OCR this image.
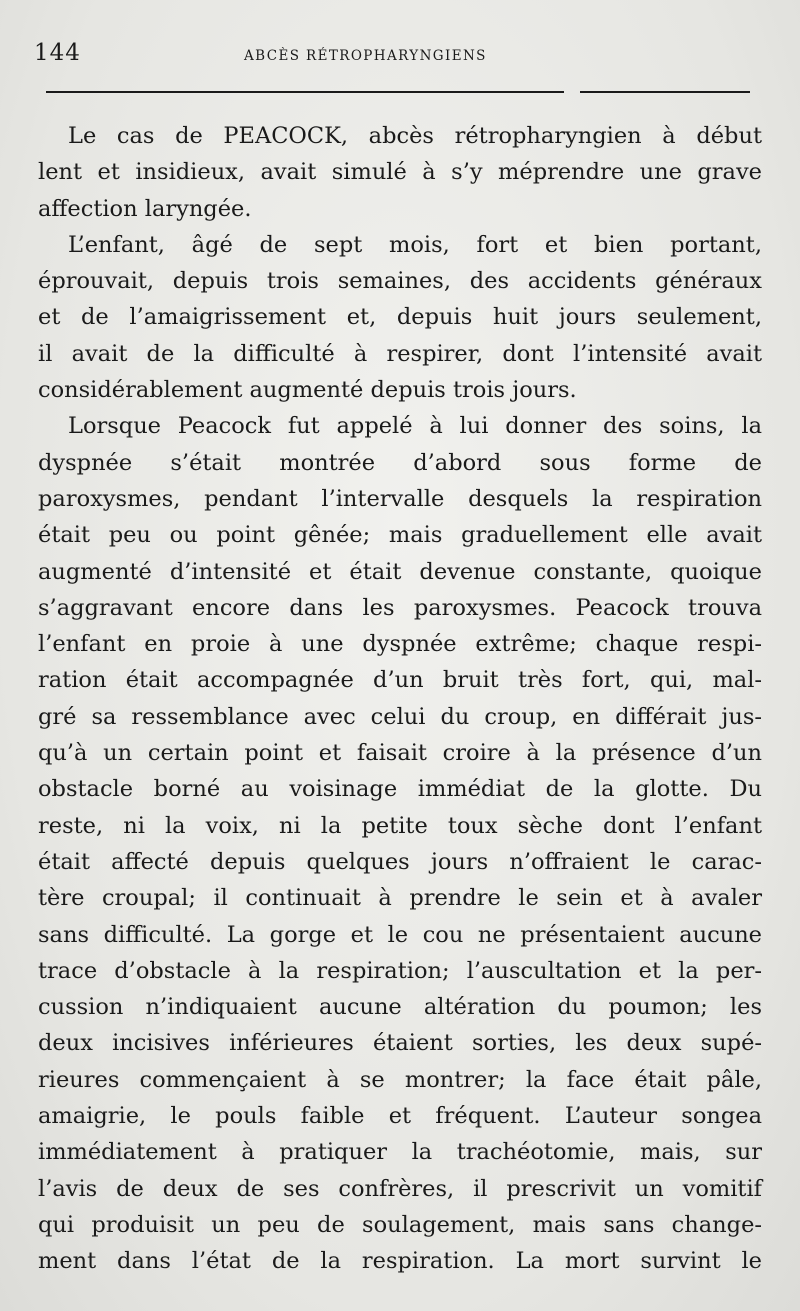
144	ABCÈS RÉTROPHARYNGIENS
Le cas de PEACOCK, abcès rétropharyngien à début
lent et insidieux, avait simulé à s’y méprendre une grave
affection laryngée.
L’enfant, âgé de sept mois, fort et bien portant,
éprouvait, depuis trois semaines, des accidents généraux
et de l’amaigrissement et, depuis huit jours seulement,
il avait de la difficulté à respirer, dont l’intensité avait
considérablement augmenté depuis trois jours.
Lorsque Peacock fut appelé à lui donner des soins, la
dyspnée s’était montrée d’abord sous forme de
paroxysmes, pendant l’intervalle desquels la respiration
était peu ou point gênée; mais graduellement elle avait
augmenté d’intensité et était devenue constante, quoique
s’aggravant encore dans les paroxysmes. Peacock trouva
l’enfant en proie à une dyspnée extrême; chaque respi-
ration était accompagnée d’un bruit très fort, qui, mal-
gré sa ressemblance avec celui du croup, en différait jus-
qu’à un certain point et faisait croire à la présence d’un
obstacle borné au voisinage immédiat de la glotte. Du
reste, ni la voix, ni la petite toux sèche dont l’enfant
était affecté depuis quelques jours n’offraient le carac-
tère croupal; il continuait à prendre le sein et à avaler
sans difficulté. La gorge et le cou ne présentaient aucune
trace d’obstacle à la respiration; l’auscultation et la per-
cussion n’indiquaient aucune altération du poumon; les
deux incisives inférieures étaient sorties, les deux supé-
rieures commençaient à se montrer; la face était pâle,
amaigrie, le pouls faible et fréquent. L’auteur songea
immédiatement à pratiquer la trachéotomie, mais, sur
l’avis de deux de ses confrères, il prescrivit un vomitif
qui produisit un peu de soulagement, mais sans change-
ment dans l’état de la respiration. La mort survint le
